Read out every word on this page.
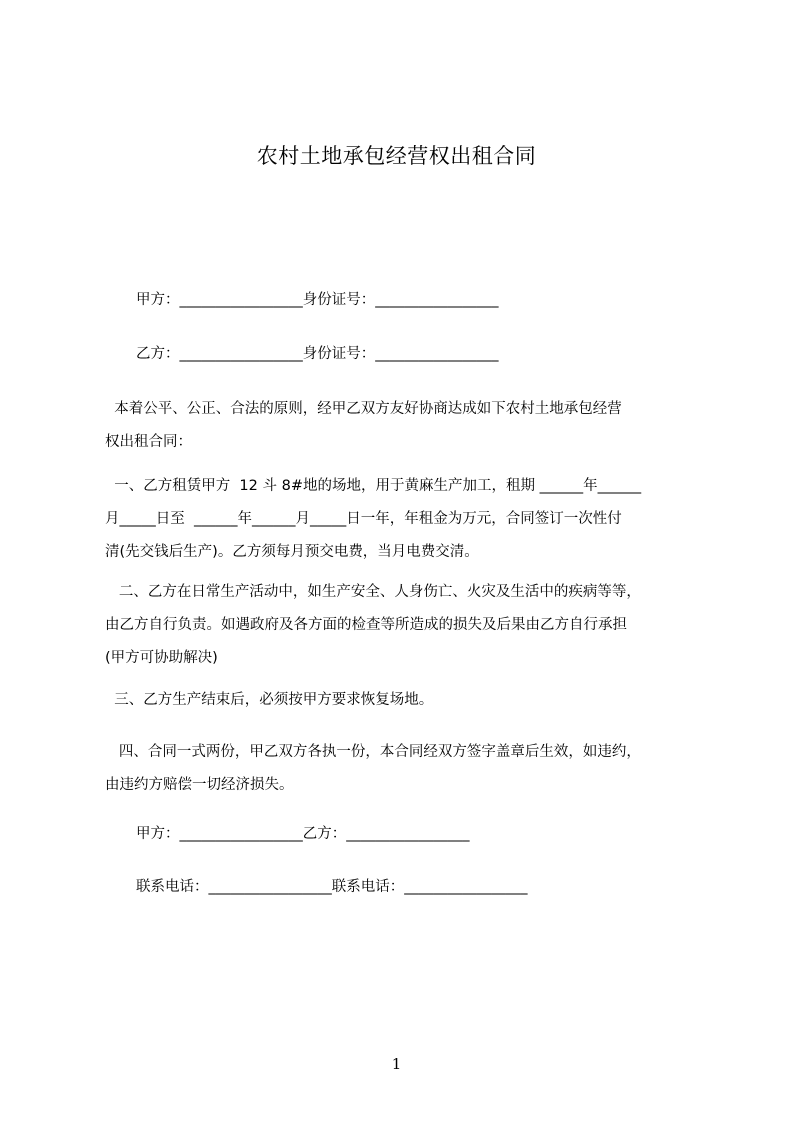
农村土地承包经营权出租合同
甲方：_________________身份证号：_________________
乙方：_________________身份证号：_________________
本着公平、公正、合法的原则，经甲乙双方友好协商达成如下农村土地承包经营
权出租合同：
一、乙方租赁甲方  12 斗 8#地的场地，用于黄麻生产加工，租期 ______年______
月_____日至  ______年______月_____日一年，年租金为万元，合同签订一次性付
清(先交钱后生产)。乙方须每月预交电费，当月电费交清。
二、乙方在日常生产活动中，如生产安全、人身伤亡、火灾及生活中的疾病等等，
由乙方自行负责。如遇政府及各方面的检查等所造成的损失及后果由乙方自行承担
(甲方可协助解决)
三、乙方生产结束后，必须按甲方要求恢复场地。
四、合同一式两份，甲乙双方各执一份，本合同经双方签字盖章后生效，如违约，
由违约方赔偿一切经济损失。
甲方：_________________乙方：_________________
联系电话：_________________联系电话：_________________
1
